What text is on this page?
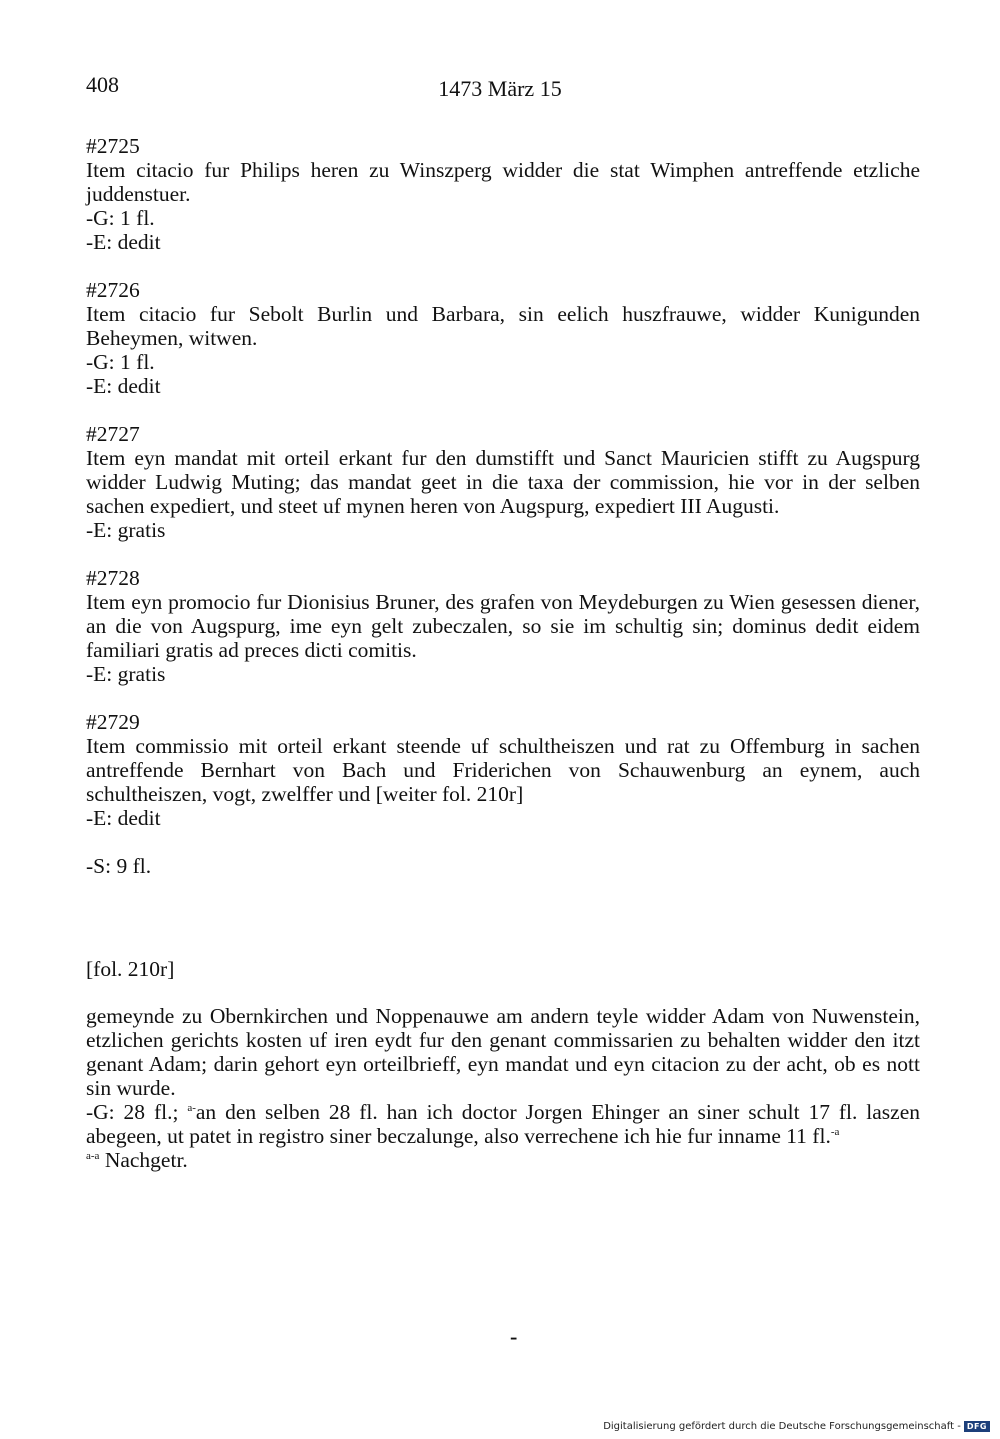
408	1473 März 15
#2725
Item citacio fur Philips heren zu Winszperg widder die stat Wimphen antreffende etzliche juddenstuer.
-G: 1 fl.
-E: dedit
#2726
Item citacio fur Sebolt Burlin und Barbara, sin eelich huszfrauwe, widder Kunigunden Beheymen, witwen.
-G: 1 fl.
-E: dedit
#2727
Item eyn mandat mit orteil erkant fur den dumstifft und Sanct Mauricien stifft zu Augspurg widder Ludwig Muting; das mandat geet in die taxa der commission, hie vor in der selben sachen expediert, und steet uf mynen heren von Augspurg, expediert III Augusti.
-E: gratis
#2728
Item eyn promocio fur Dionisius Bruner, des grafen von Meydeburgen zu Wien gesessen diener, an die von Augspurg, ime eyn gelt zubeczalen, so sie im schultig sin; dominus dedit eidem familiari gratis ad preces dicti comitis.
-E: gratis
#2729
Item commissio mit orteil erkant steende uf schultheiszen und rat zu Offemburg in sachen antreffende Bernhart von Bach und Friderichen von Schauwenburg an eynem, auch schultheiszen, vogt, zwelffer und [weiter fol. 210r]
-E: dedit
-S: 9 fl.
[fol. 210r]
gemeynde zu Obernkirchen und Noppenauwe am andern teyle widder Adam von Nuwenstein, etzlichen gerichts kosten uf iren eydt fur den genant commissarien zu behalten widder den itzt genant Adam; darin gehort eyn orteilbrieff, eyn mandat und eyn citacion zu der acht, ob es nott sin wurde.
-G: 28 fl.; $^{a-}$an den selben 28 fl. han ich doctor Jorgen Ehinger an siner schult 17 fl. laszen abegeen, ut patet in registro siner beczalunge, also verrechene ich hie fur inname 11 fl.$^{-a}$
$^{a-a}$ Nachgetr.
-
Digitalisierung gefördert durch die Deutsche Forschungsgemeinschaft - DFG
